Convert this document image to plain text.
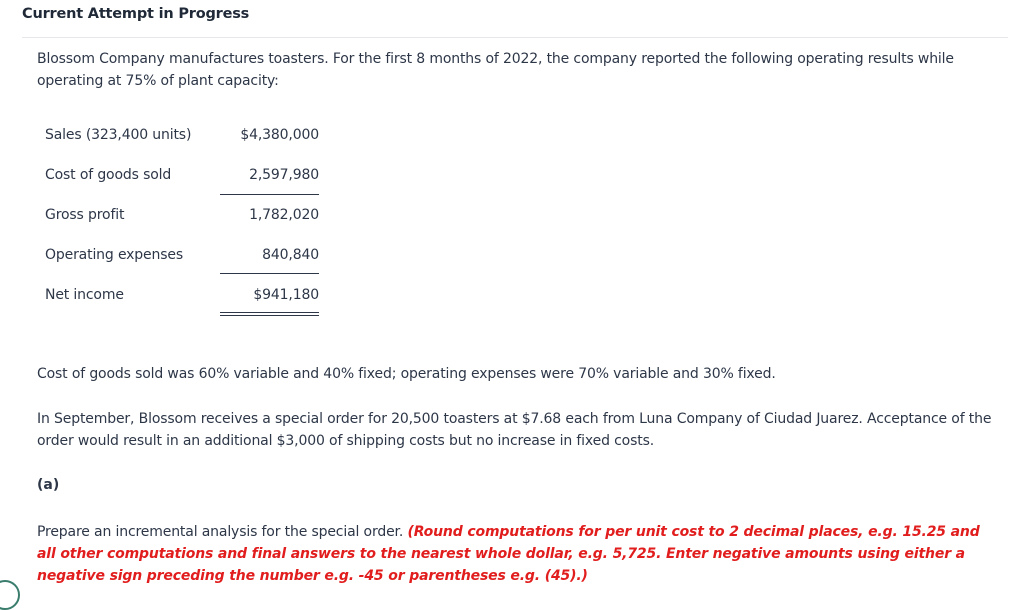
Current Attempt in Progress
Blossom Company manufactures toasters. For the first 8 months of 2022, the company reported the following operating results while operating at 75% of plant capacity:
Sales (323,400 units)	$4,380,000
Cost of goods sold	2,597,980
Gross profit	1,782,020
Operating expenses	840,840
Net income	$941,180
Cost of goods sold was 60% variable and 40% fixed; operating expenses were 70% variable and 30% fixed.
In September, Blossom receives a special order for 20,500 toasters at $7.68 each from Luna Company of Ciudad Juarez. Acceptance of the order would result in an additional $3,000 of shipping costs but no increase in fixed costs.
(a)
Prepare an incremental analysis for the special order. (Round computations for per unit cost to 2 decimal places, e.g. 15.25 and all other computations and final answers to the nearest whole dollar, e.g. 5,725. Enter negative amounts using either a negative sign preceding the number e.g. -45 or parentheses e.g. (45).)
